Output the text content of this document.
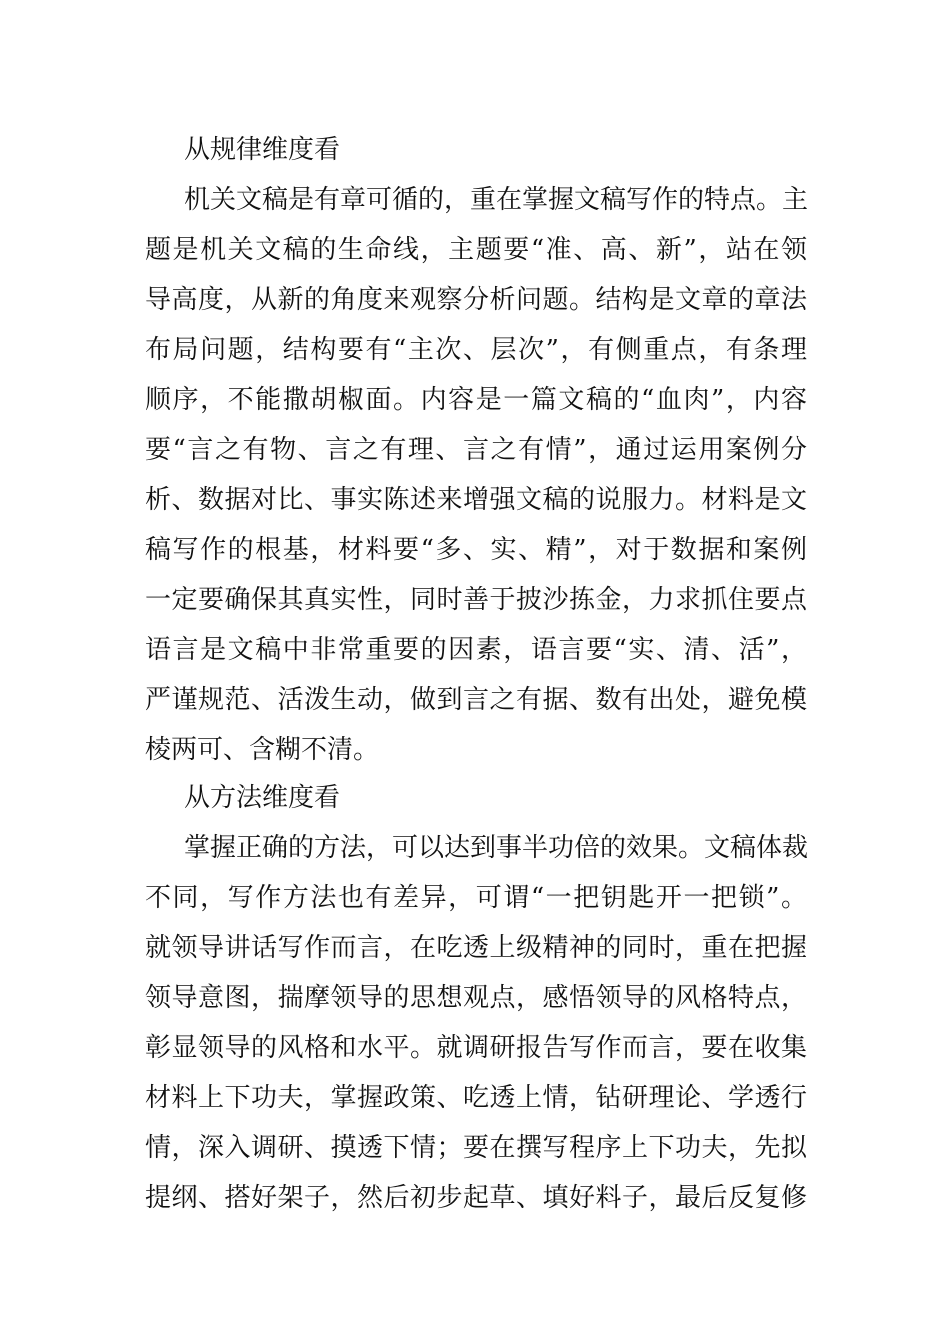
从规律维度看
机关文稿是有章可循的，重在掌握文稿写作的特点。主
题是机关文稿的生命线，主题要“准、高、新”，站在领
导高度，从新的角度来观察分析问题。结构是文章的章法
布局问题，结构要有“主次、层次”，有侧重点，有条理
顺序，不能撒胡椒面。内容是一篇文稿的“血肉”，内容
要“言之有物、言之有理、言之有情”，通过运用案例分
析、数据对比、事实陈述来增强文稿的说服力。材料是文
稿写作的根基，材料要“多、实、精”，对于数据和案例
一定要确保其真实性，同时善于披沙拣金，力求抓住要点
语言是文稿中非常重要的因素，语言要“实、清、活”，
严谨规范、活泼生动，做到言之有据、数有出处，避免模
棱两可、含糊不清。
从方法维度看
掌握正确的方法，可以达到事半功倍的效果。文稿体裁
不同，写作方法也有差异，可谓“一把钥匙开一把锁”。
就领导讲话写作而言，在吃透上级精神的同时，重在把握
领导意图，揣摩领导的思想观点，感悟领导的风格特点，
彰显领导的风格和水平。就调研报告写作而言，要在收集
材料上下功夫，掌握政策、吃透上情，钻研理论、学透行
情，深入调研、摸透下情；要在撰写程序上下功夫，先拟
提纲、搭好架子，然后初步起草、填好料子，最后反复修
